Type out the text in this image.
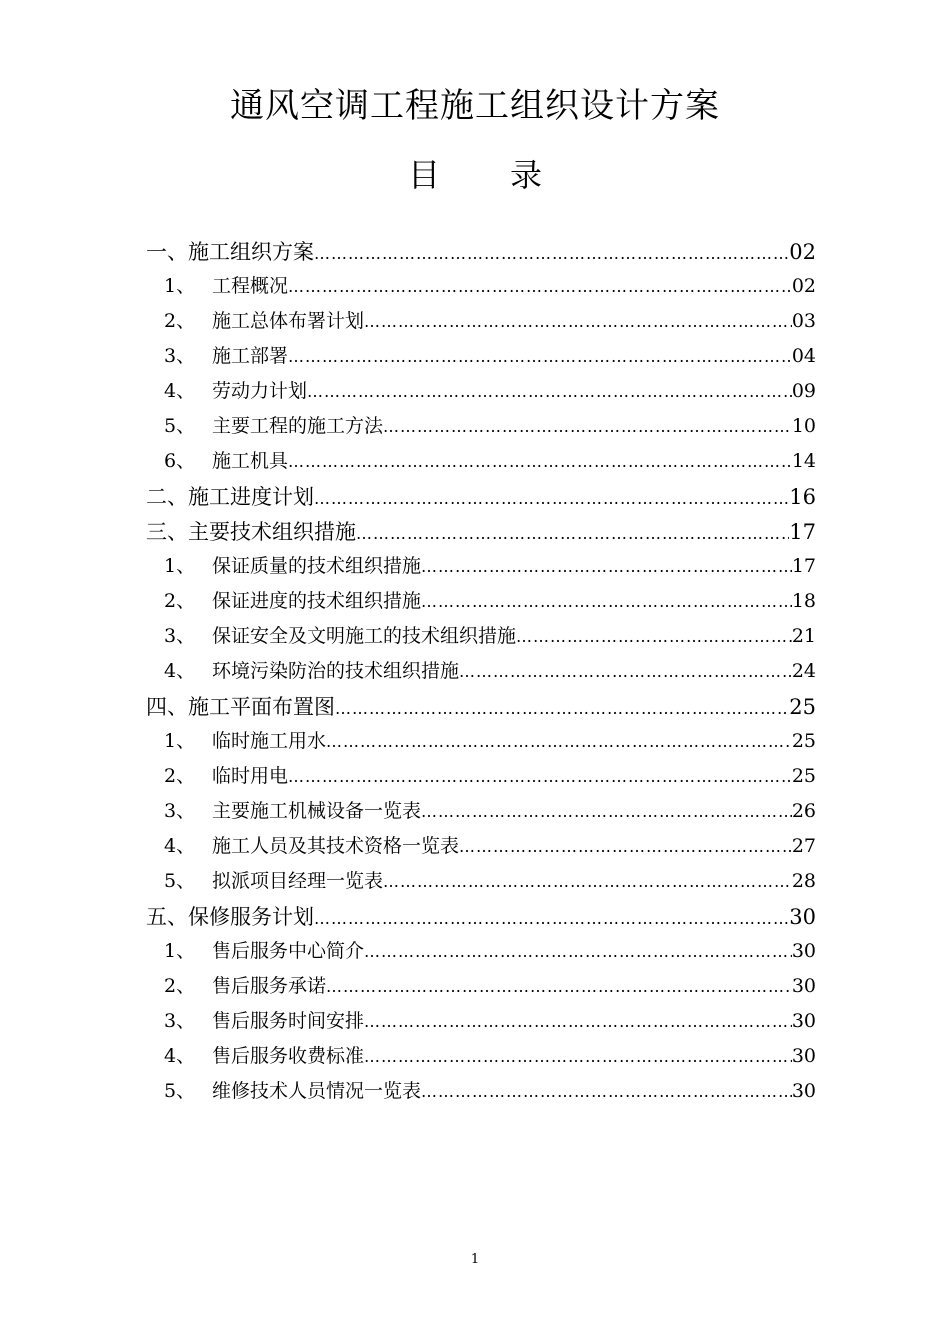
通风空调工程施工组织设计方案
目 录
一、 施工组织方案 ……………………………………………………………………………………………………………………………………………………	02
1、 工程概况 ……………………………………………………………………………………………………………………………………………………	02
2、 施工总体布署计划 ……………………………………………………………………………………………………………………………………………………	03
3、 施工部署 ……………………………………………………………………………………………………………………………………………………	04
4、 劳动力计划 ……………………………………………………………………………………………………………………………………………………	09
5、 主要工程的施工方法 ……………………………………………………………………………………………………………………………………………………	10
6、 施工机具 ……………………………………………………………………………………………………………………………………………………	14
二、 施工进度计划 ……………………………………………………………………………………………………………………………………………………	16
三、 主要技术组织措施 ……………………………………………………………………………………………………………………………………………………	17
1、 保证质量的技术组织措施 ……………………………………………………………………………………………………………………………………………………	17
2、 保证进度的技术组织措施 ……………………………………………………………………………………………………………………………………………………	18
3、 保证安全及文明施工的技术组织措施 ……………………………………………………………………………………………………………………………………………………	21
4、 环境污染防治的技术组织措施 ……………………………………………………………………………………………………………………………………………………	24
四、 施工平面布置图 ……………………………………………………………………………………………………………………………………………………	25
1、 临时施工用水 ……………………………………………………………………………………………………………………………………………………	25
2、 临时用电 ……………………………………………………………………………………………………………………………………………………	25
3、 主要施工机械设备一览表 ……………………………………………………………………………………………………………………………………………………	26
4、 施工人员及其技术资格一览表 ……………………………………………………………………………………………………………………………………………………	27
5、 拟派项目经理一览表 ……………………………………………………………………………………………………………………………………………………	28
五、 保修服务计划 ……………………………………………………………………………………………………………………………………………………	30
1、 售后服务中心简介 ……………………………………………………………………………………………………………………………………………………	30
2、 售后服务承诺 ……………………………………………………………………………………………………………………………………………………	30
3、 售后服务时间安排 ……………………………………………………………………………………………………………………………………………………	30
4、 售后服务收费标准 ……………………………………………………………………………………………………………………………………………………	30
5、 维修技术人员情况一览表 ……………………………………………………………………………………………………………………………………………………	30
1
